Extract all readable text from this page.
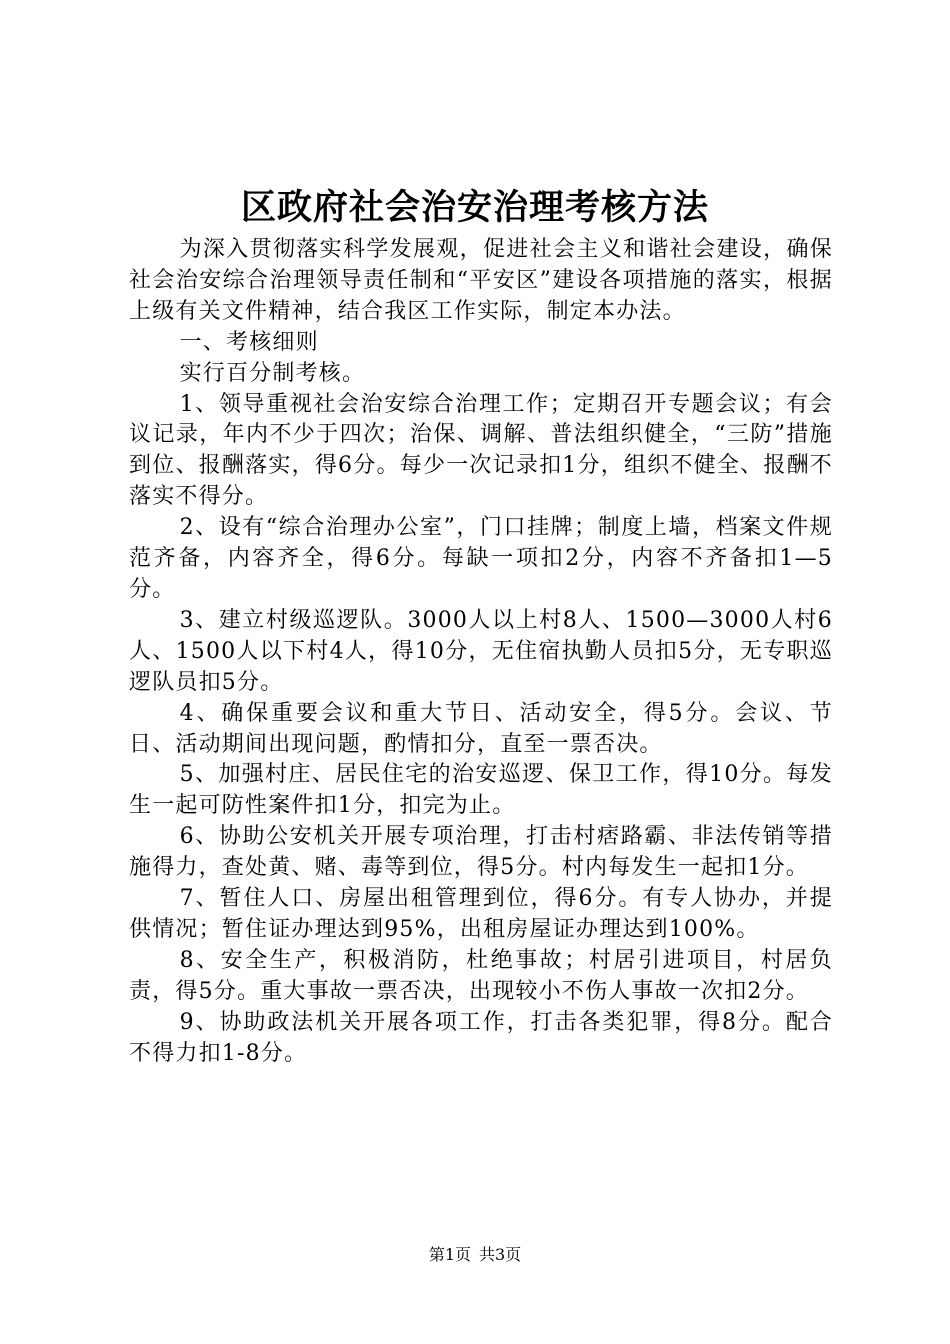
区政府社会治安治理考核方法

为深入贯彻落实科学发展观，促进社会主义和谐社会建设，确保社会治安综合治理领导责任制和“平安区”建设各项措施的落实，根据上级有关文件精神，结合我区工作实际，制定本办法。

一、考核细则

实行百分制考核。

1、领导重视社会治安综合治理工作；定期召开专题会议；有会议记录，年内不少于四次；治保、调解、普法组织健全，“三防”措施到位、报酬落实，得6分。每少一次记录扣1分，组织不健全、报酬不落实不得分。

2、设有“综合治理办公室”，门口挂牌；制度上墙，档案文件规范齐备，内容齐全，得6分。每缺一项扣2分，内容不齐备扣1—5分。

3、建立村级巡逻队。3000人以上村8人、1500—3000人村6人、1500人以下村4人，得10分，无住宿执勤人员扣5分，无专职巡逻队员扣5分。

4、确保重要会议和重大节日、活动安全，得5分。会议、节日、活动期间出现问题，酌情扣分，直至一票否决。

5、加强村庄、居民住宅的治安巡逻、保卫工作，得10分。每发生一起可防性案件扣1分，扣完为止。

6、协助公安机关开展专项治理，打击村痞路霸、非法传销等措施得力，查处黄、赌、毒等到位，得5分。村内每发生一起扣1分。

7、暂住人口、房屋出租管理到位，得6分。有专人协办，并提供情况；暂住证办理达到95%，出租房屋证办理达到100%。

8、安全生产，积极消防，杜绝事故；村居引进项目，村居负责，得5分。重大事故一票否决，出现较小不伤人事故一次扣2分。

9、协助政法机关开展各项工作，打击各类犯罪，得8分。配合不得力扣1-8分。

第1页 共3页
